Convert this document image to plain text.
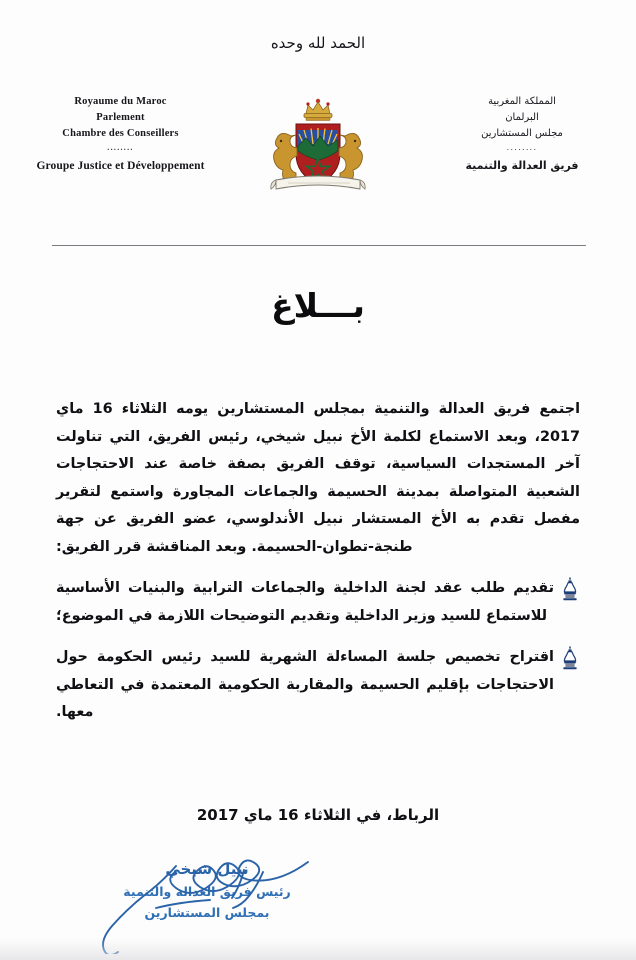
الحمد لله وحده
Royaume du Maroc
Parlement
Chambre des Conseillers
........
Groupe Justice et Développement
المملكة المغربية
البرلمان
مجلس المستشارين
........
فريق العدالة والتنمية
بـــلاغ

اجتمع فريق العدالة والتنمية بمجلس المستشارين يومه الثلاثاء 16 ماي 2017، وبعد الاستماع لكلمة الأخ نبيل شيخي، رئيس الفريق، التي تناولت آخر المستجدات السياسية، توقف الفريق بصفة خاصة عند الاحتجاجات الشعبية المتواصلة بمدينة الحسيمة والجماعات المجاورة واستمع لتقرير مفصل تقدم به الأخ المستشار نبيل الأندلوسي، عضو الفريق عن جهة طنجة-تطوان-الحسيمة. وبعد المناقشة قرر الفريق:

تقديم طلب عقد لجنة الداخلية والجماعات الترابية والبنيات الأساسية للاستماع للسيد وزير الداخلية وتقديم التوضيحات اللازمة في الموضوع؛
اقتراح تخصيص جلسة المساءلة الشهرية للسيد رئيس الحكومة حول الاحتجاجات بإقليم الحسيمة والمقاربة الحكومية المعتمدة في التعاطي معها.
الرباط، في الثلاثاء 16 ماي 2017
نبيل شيخي
رئيس فريق العدالة والتنمية
بمجلس المستشارين
